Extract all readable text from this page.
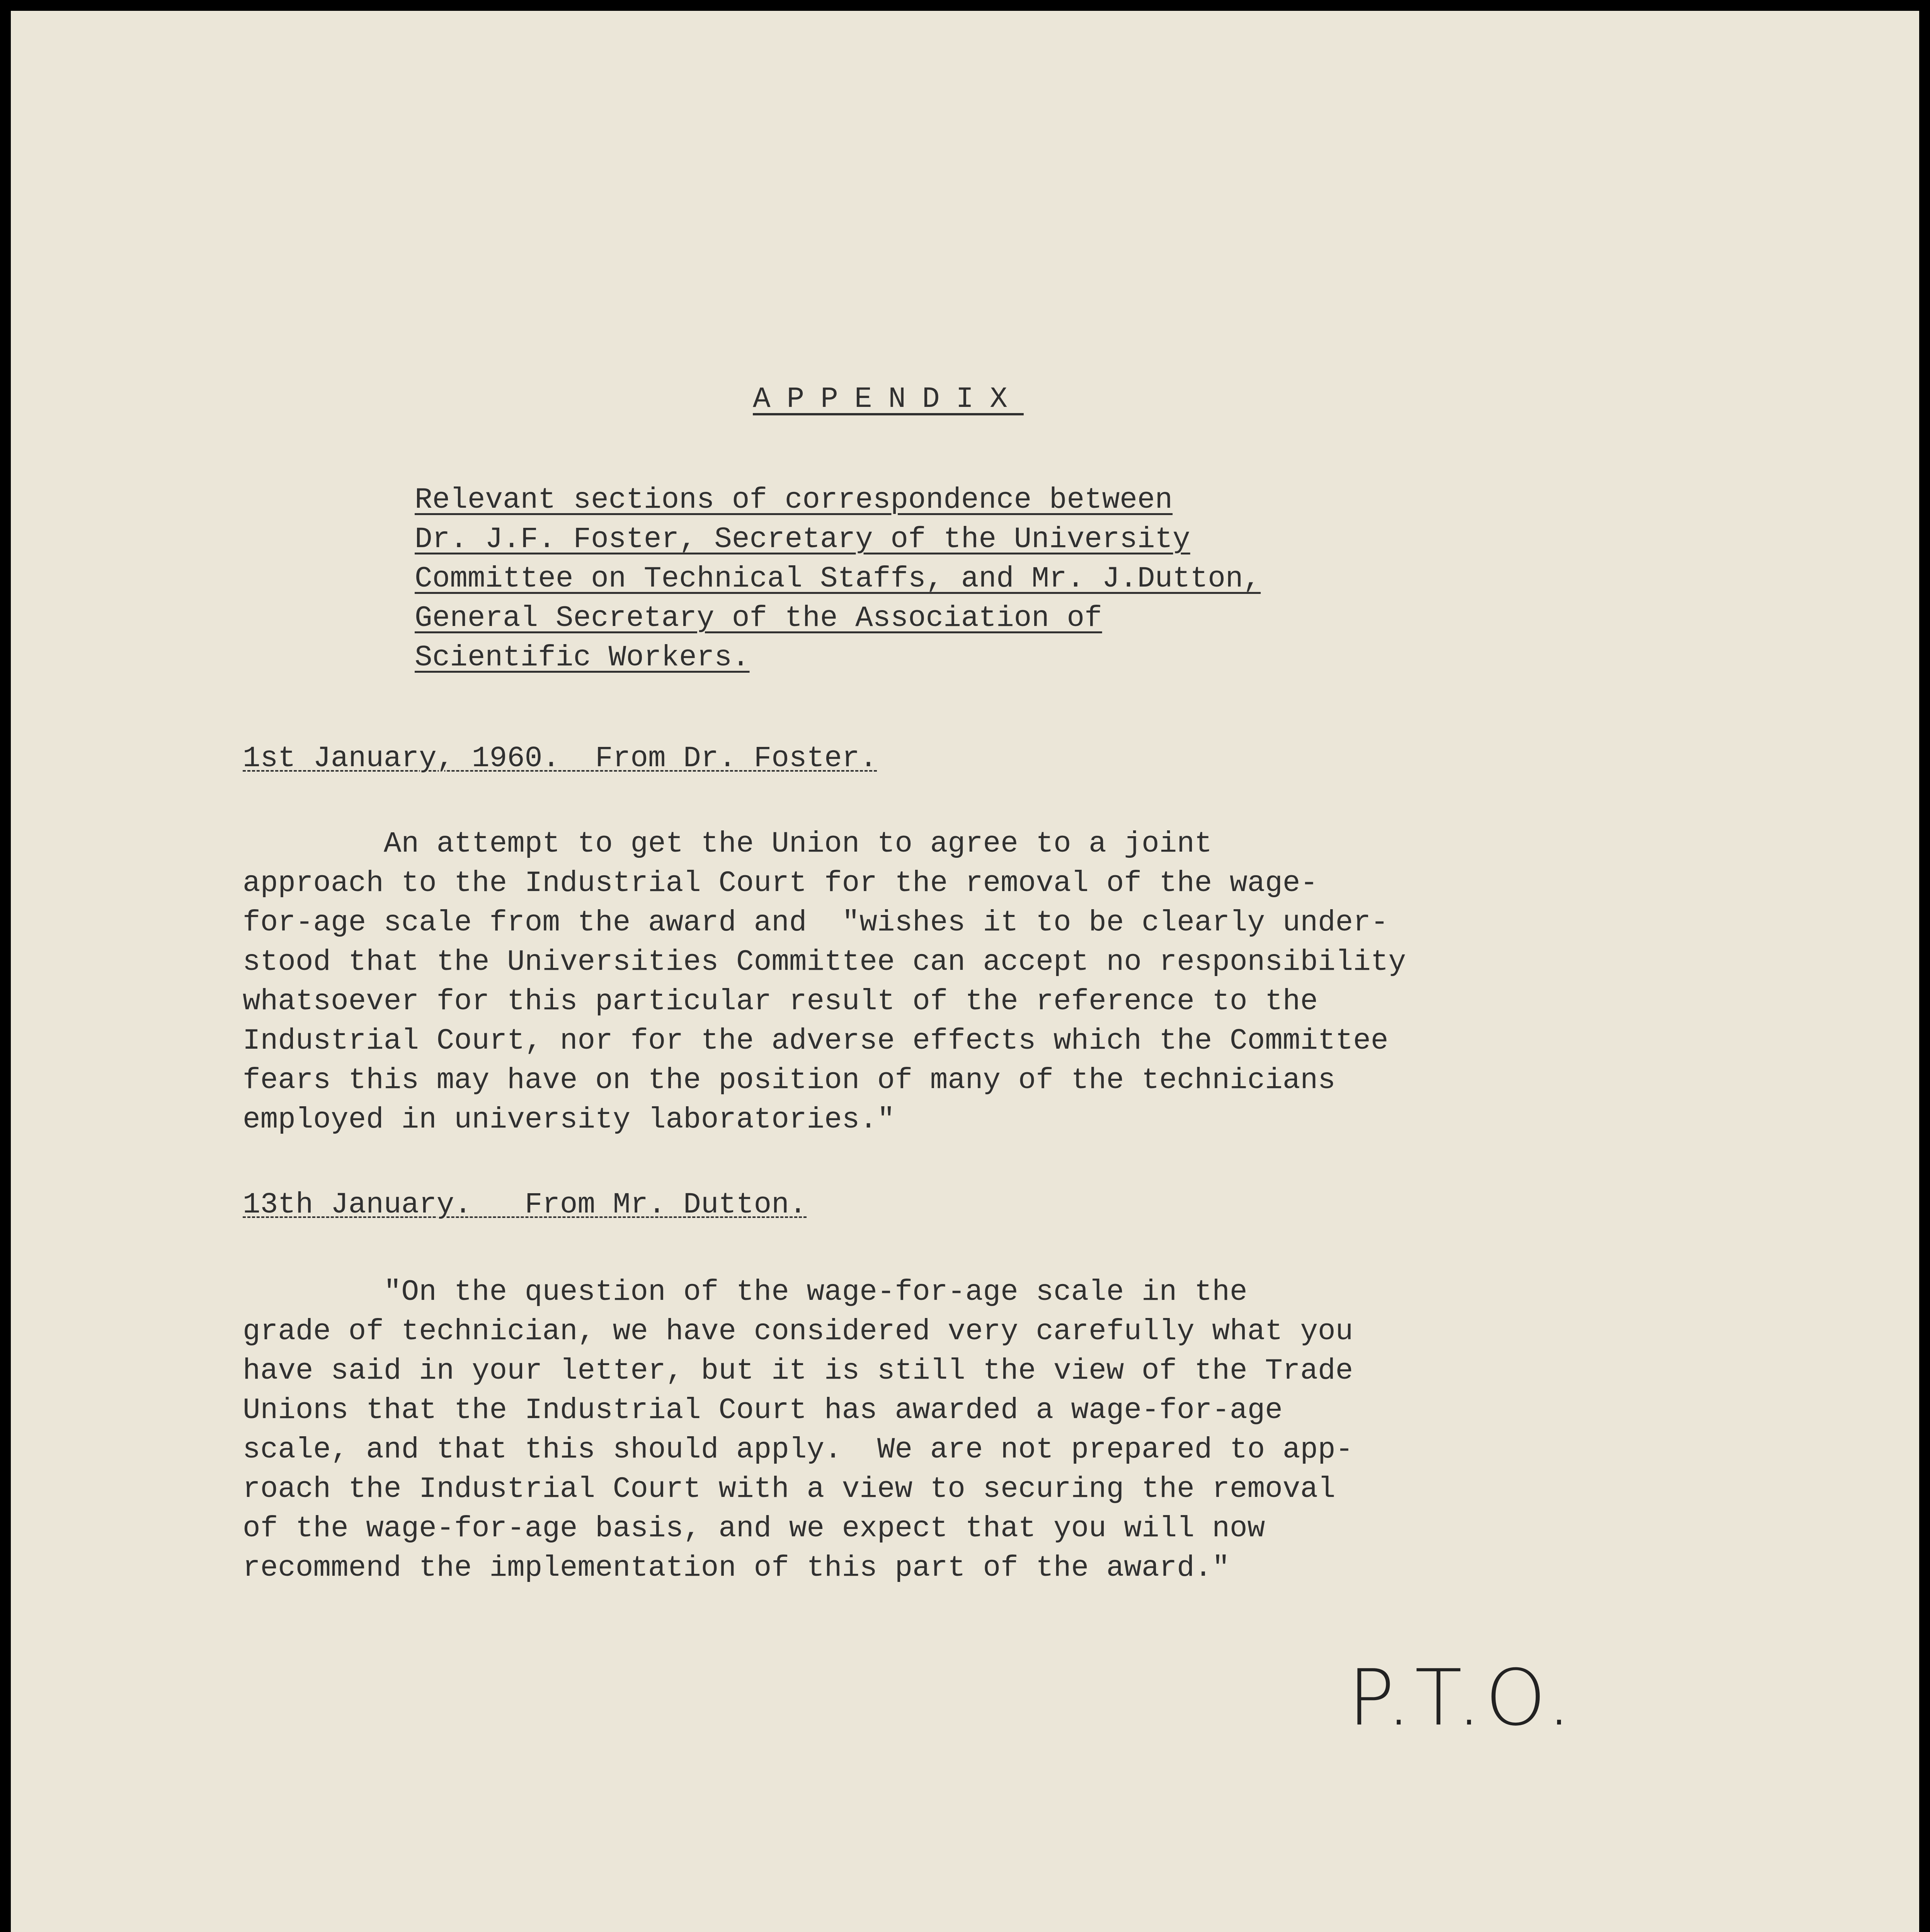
APPENDIX
Relevant sections of correspondence between
Dr. J.F. Foster, Secretary of the University
Committee on Technical Staffs, and Mr. J.Dutton,
General Secretary of the Association of
Scientific Workers.

1st January, 1960.  From Dr. Foster.

An attempt to get the Union to agree to a joint
approach to the Industrial Court for the removal of the wage-
for-age scale from the award and  "wishes it to be clearly under-
stood that the Universities Committee can accept no responsibility
whatsoever for this particular result of the reference to the
Industrial Court, nor for the adverse effects which the Committee
fears this may have on the position of many of the technicians
employed in university laboratories."

13th January.   From Mr. Dutton.

"On the question of the wage-for-age scale in the
grade of technician, we have considered very carefully what you
have said in your letter, but it is still the view of the Trade
Unions that the Industrial Court has awarded a wage-for-age
scale, and that this should apply.  We are not prepared to app-
roach the Industrial Court with a view to securing the removal
of the wage-for-age basis, and we expect that you will now
recommend the implementation of this part of the award."

P.T.O.
